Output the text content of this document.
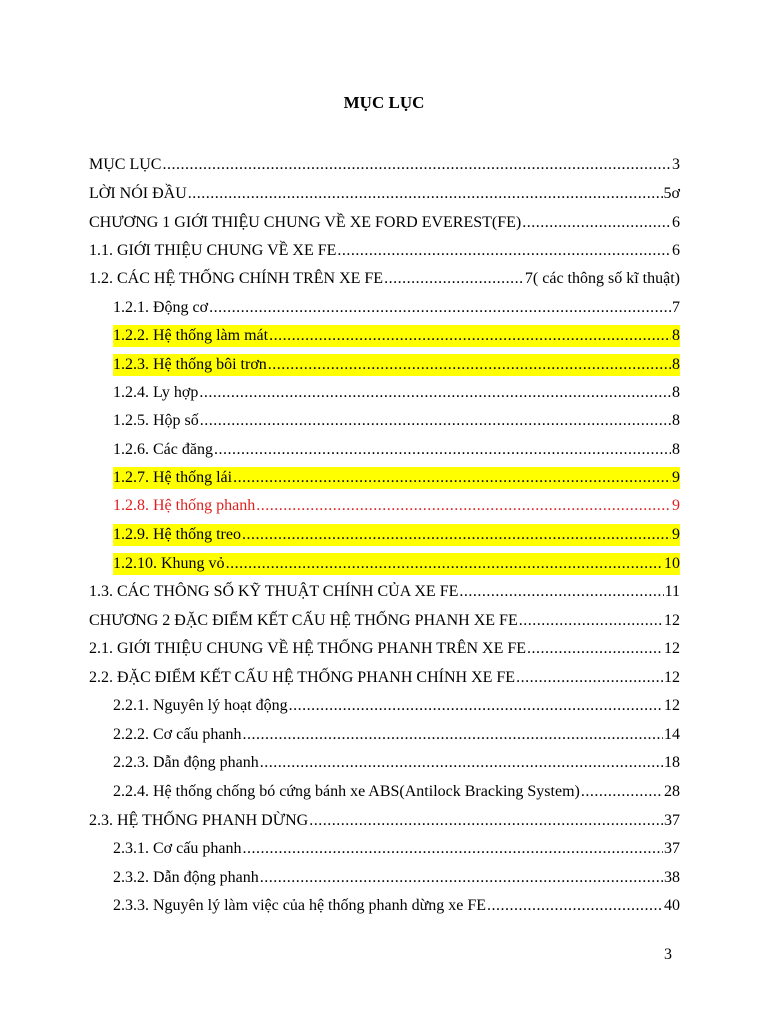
MỤC LỤC
MỤC LỤC .....	3
LỜI NÓI ĐẦU .....	5ơ
CHƯƠNG 1 GIỚI THIỆU CHUNG VỀ XE FORD EVEREST(FE) .....	6
1.1. GIỚI THIỆU CHUNG VỀ XE FE .....	6
1.2. CÁC HỆ THỐNG CHÍNH TRÊN XE FE .....	7( các thông số kĩ thuật)
1.2.1. Động cơ .....	7
1.2.2. Hệ thống làm mát .....	8
1.2.3. Hệ thống bôi trơn .....	8
1.2.4. Ly hợp .....	8
1.2.5. Hộp số .....	8
1.2.6. Các đăng .....	8
1.2.7. Hệ thống lái .....	9
1.2.8. Hệ thống phanh .....	9
1.2.9. Hệ thống treo .....	9
1.2.10. Khung vỏ .....	10
1.3. CÁC THÔNG SỐ KỸ THUẬT CHÍNH CỦA XE FE .....	11
CHƯƠNG 2 ĐẶC ĐIỂM KẾT CẤU HỆ THỐNG PHANH XE FE .....	12
2.1. GIỚI THIỆU CHUNG VỀ HỆ THỐNG PHANH TRÊN XE FE .....	12
2.2. ĐẶC ĐIỂM KẾT CẤU HỆ THỐNG PHANH CHÍNH XE FE .....	12
2.2.1. Nguyên lý hoạt động .....	12
2.2.2. Cơ cấu phanh .....	14
2.2.3. Dẫn động phanh .....	18
2.2.4. Hệ thống chống bó cứng bánh xe ABS(Antilock Bracking System) .....	28
2.3. HỆ THỐNG PHANH DỪNG .....	37
2.3.1. Cơ cấu phanh .....	37
2.3.2. Dẫn động phanh .....	38
2.3.3. Nguyên lý làm việc của hệ thống phanh dừng xe FE .....	40
3
